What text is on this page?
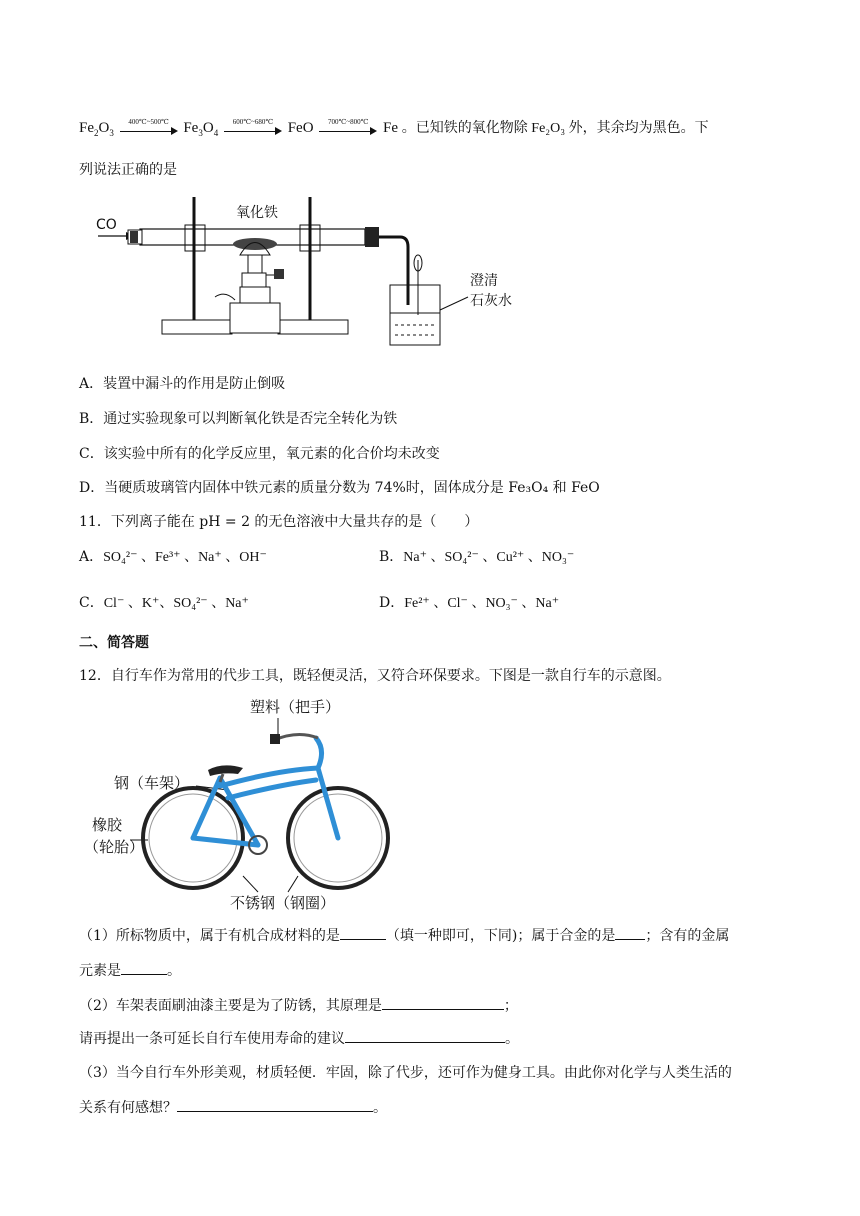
$Fe_2O_3$
400℃~500℃ $Fe_3O_4$
600℃~680℃ FeO	700℃~800℃ Fe 。已知铁的氧化物除 Fe₂O₃ 外，其余均为黑色。下
列说法正确的是
CO
氧化铁
澄清
石灰水
A．装置中漏斗的作用是防止倒吸
B．通过实验现象可以判断氧化铁是否完全转化为铁
C．该实验中所有的化学反应里，氧元素的化合价均未改变
D．当硬质玻璃管内固体中铁元素的质量分数为 74%时，固体成分是 Fe₃O₄ 和 FeO
11．下列离子能在 pH = 2 的无色溶液中大量共存的是（　　）
A．SO₄²⁻ 、Fe³⁺ 、Na⁺ 、OH⁻	B．Na⁺ 、SO₄²⁻ 、Cu²⁺ 、NO₃⁻
C．Cl⁻ 、K⁺、SO₄²⁻ 、Na⁺	D．Fe²⁺ 、Cl⁻ 、NO₃⁻ 、Na⁺
二、简答题
12．自行车作为常用的代步工具，既轻便灵活，又符合环保要求。下图是一款自行车的示意图。
塑料（把手）
钢（车架）
橡胶
（轮胎）
不锈钢（钢圈）
（1）所标物质中，属于有机合成材料的是	（填一种即可，下同)；属于合金的是 ；含有的金属
元素是	。
（2）车架表面刷油漆主要是为了防锈，其原理是	；
请再提出一条可延长自行车使用寿命的建议	。
（3）当今自行车外形美观，材质轻便．牢固，除了代步，还可作为健身工具。由此你对化学与人类生活的
关系有何感想？	。
